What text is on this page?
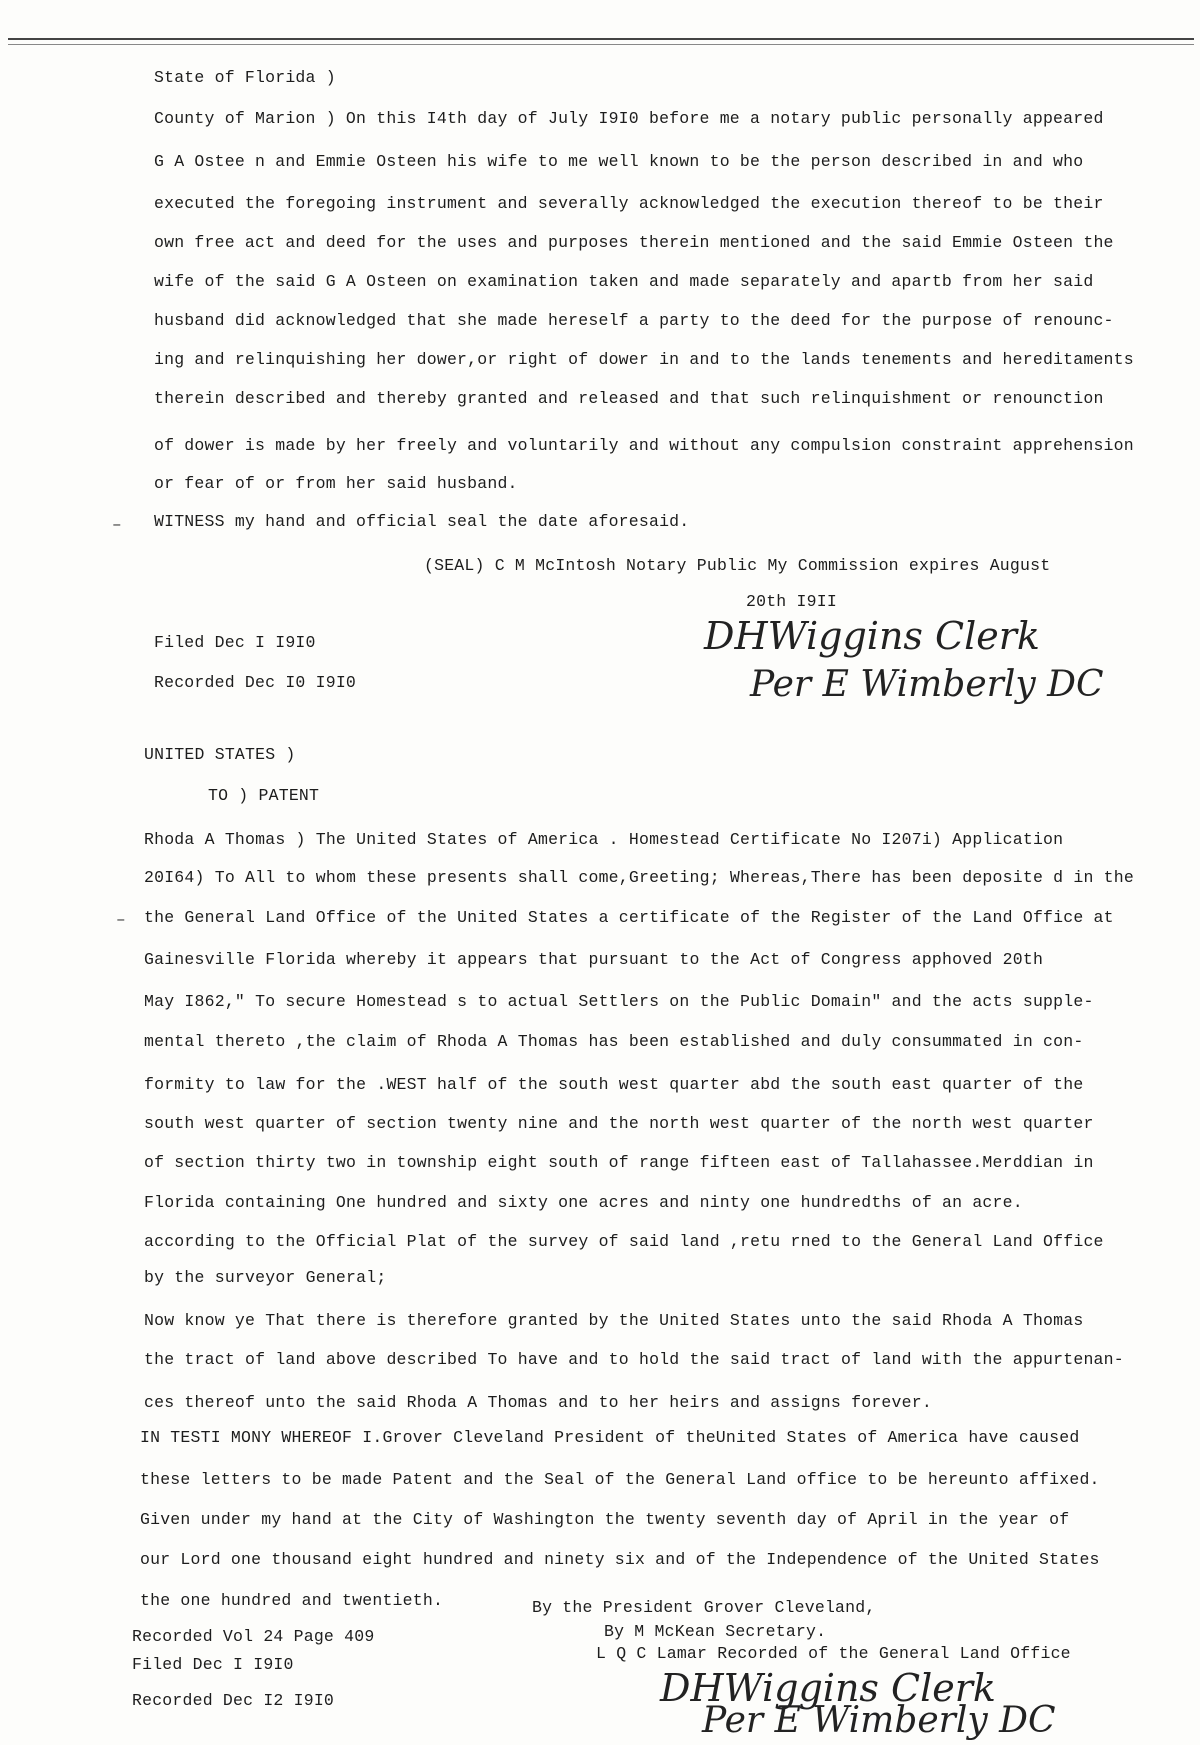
State of Florida )
County of Marion ) On this I4th day of July I9I0 before me a notary public personally appeared
G A Ostee n and Emmie Osteen his wife to me well known to be the person described in and who
executed the foregoing instrument and severally acknowledged the execution thereof to be their
own free act and deed for the uses and purposes therein mentioned and the said Emmie Osteen the
wife of the said G A Osteen on examination taken and made separately and apartb from her said
husband did acknowledged that she made hereself a party to the deed for the purpose of renounc-
ing and relinquishing her dower,or right of dower in and to the lands tenements and hereditaments
therein described and thereby granted and released and that such relinquishment or renounction
of dower is made by her freely and voluntarily and without any compulsion constraint apprehension
or fear of or from her said husband.
– WITNESS my hand and official seal the date aforesaid.
(SEAL) C M McIntosh Notary Public My Commission expires August
20th I9II
Filed Dec I I9I0
Recorded Dec I0 I9I0
DHWiggins Clerk
Per E Wimberly DC
UNITED STATES )
TO ) PATENT
Rhoda A Thomas ) The United States of America . Homestead Certificate No I207i) Application
20I64) To All to whom these presents shall come,Greeting; Whereas,There has been deposite d in the
– the General Land Office of the United States a certificate of the Register of the Land Office at
Gainesville Florida whereby it appears that pursuant to the Act of Congress apphoved 20th
May I862," To secure Homestead s to actual Settlers on the Public Domain" and the acts supple-
mental thereto ,the claim of Rhoda A Thomas has been established and duly consummated in con-
formity to law for the .WEST half of the south west quarter abd the south east quarter of the
south west quarter of section twenty nine and the north west quarter of the north west quarter
of section thirty two in township eight south of range fifteen east of Tallahassee.Merddian in
Florida containing One hundred and sixty one acres and ninty one hundredths of an acre.
according to the Official Plat of the survey of said land ,retu rned to the General Land Office
by the surveyor General;
Now know ye That there is therefore granted by the United States unto the said Rhoda A Thomas
the tract of land above described To have and to hold the said tract of land with the appurtenan-
ces thereof unto the said Rhoda A Thomas and to her heirs and assigns forever.
IN TESTI MONY WHEREOF I.Grover Cleveland President of theUnited States of America have caused
these letters to be made Patent and the Seal of the General Land office to be hereunto affixed.
Given under my hand at the City of Washington the twenty seventh day of April in the year of
our Lord one thousand eight hundred and ninety six and of the Independence of the United States
the one hundred and twentieth.	By the President Grover Cleveland,
By M McKean Secretary.
L Q C Lamar Recorded of the General Land Office
Recorded Vol 24 Page 409
Filed Dec I I9I0
Recorded Dec I2 I9I0	DHWiggins Clerk
Per E Wimberly DC
